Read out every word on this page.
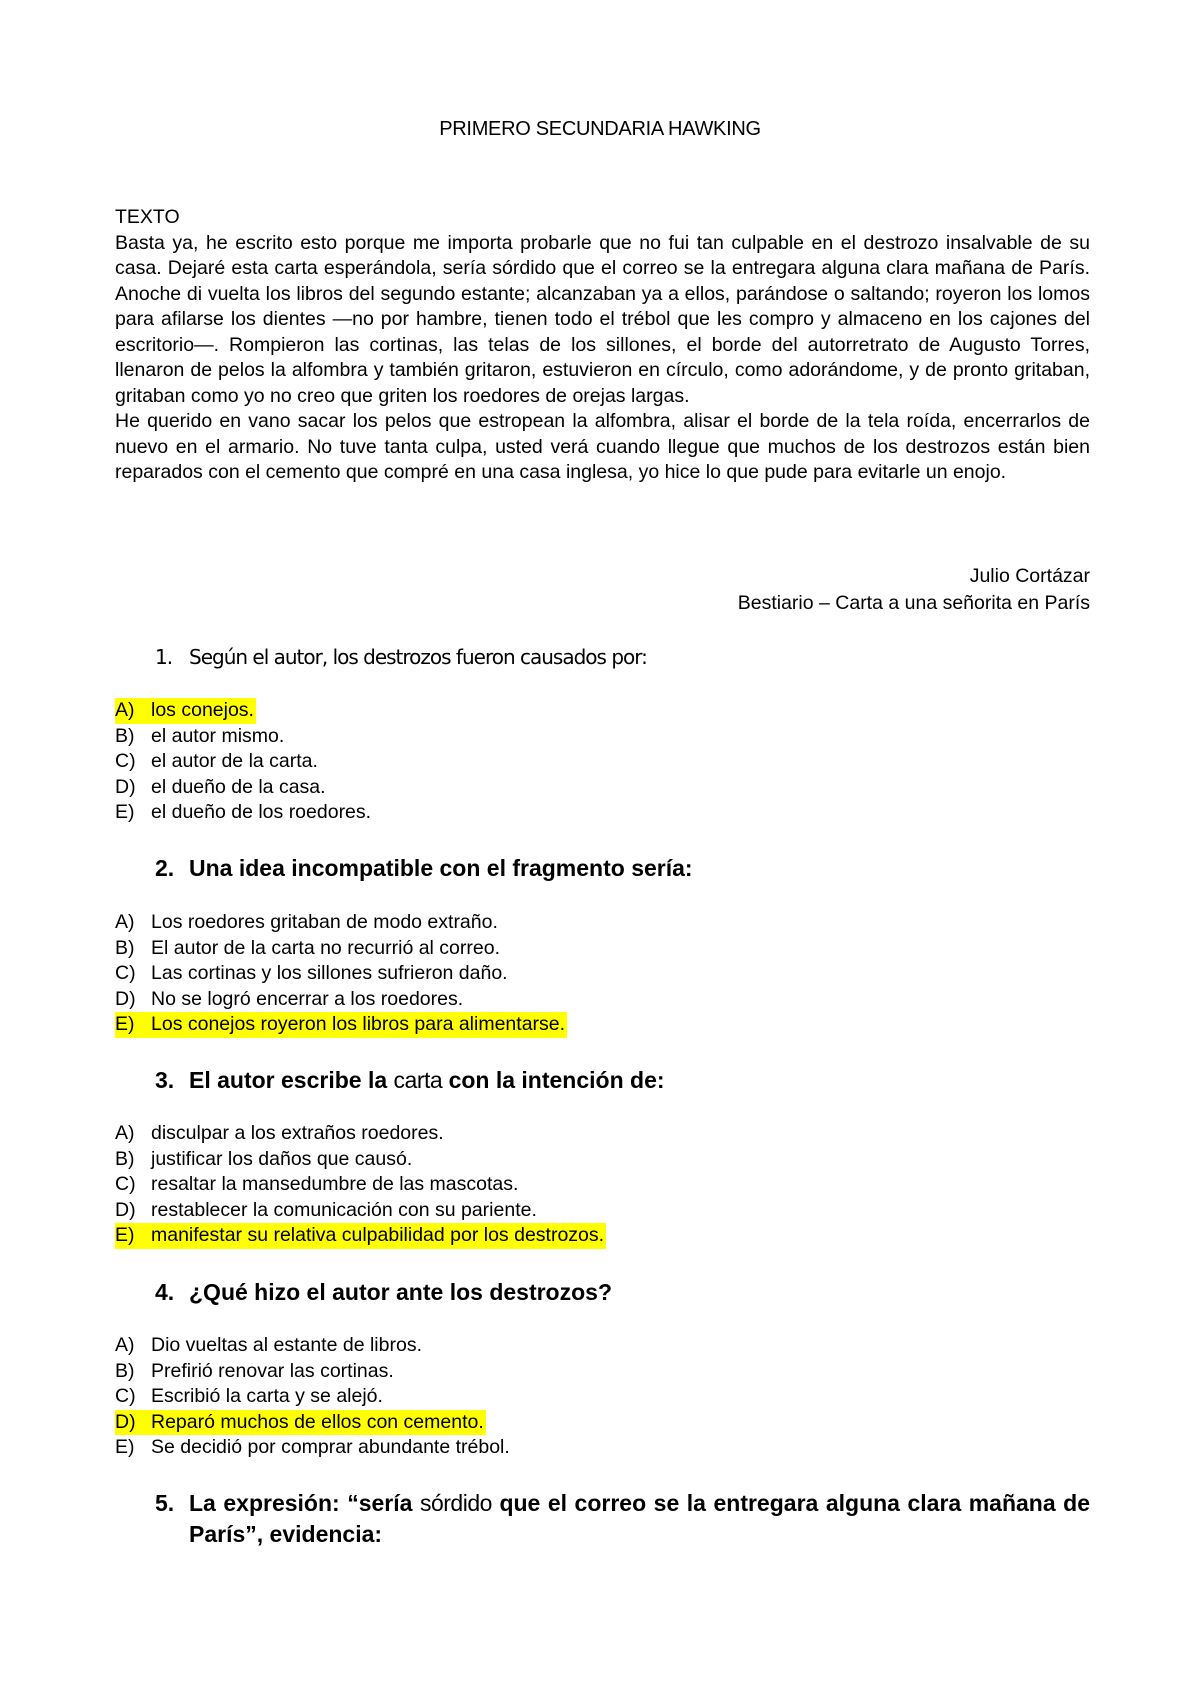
PRIMERO SECUNDARIA HAWKING
TEXTO

Basta ya, he escrito esto porque me importa probarle que no fui tan culpable en el destrozo insalvable de su casa. Dejaré esta carta esperándola, sería sórdido que el correo se la entregara alguna clara mañana de París. Anoche di vuelta los libros del segundo estante; alcanzaban ya a ellos, parándose o saltando; royeron los lomos para afilarse los dientes —no por hambre, tienen todo el trébol que les compro y almaceno en los cajones del escritorio—. Rompieron las cortinas, las telas de los sillones, el borde del autorretrato de Augusto Torres, llenaron de pelos la alfombra y también gritaron, estuvieron en círculo, como adorándome, y de pronto gritaban, gritaban como yo no creo que griten los roedores de orejas largas.

He querido en vano sacar los pelos que estropean la alfombra, alisar el borde de la tela roída, encerrarlos de nuevo en el armario. No tuve tanta culpa, usted verá cuando llegue que muchos de los destrozos están bien reparados con el cemento que compré en una casa inglesa, yo hice lo que pude para evitarle un enojo.

Julio Cortázar
Bestiario – Carta a una señorita en París
1. Según el autor, los destrozos fueron causados por:
A) los conejos.
B) el autor mismo.
C) el autor de la carta.
D) el dueño de la casa.
E) el dueño de los roedores.
2. Una idea incompatible con el fragmento sería:
A) Los roedores gritaban de modo extraño.
B) El autor de la carta no recurrió al correo.
C) Las cortinas y los sillones sufrieron daño.
D) No se logró encerrar a los roedores.
E) Los conejos royeron los libros para alimentarse.
3. El autor escribe la carta con la intención de:
A) disculpar a los extraños roedores.
B) justificar los daños que causó.
C) resaltar la mansedumbre de las mascotas.
D) restablecer la comunicación con su pariente.
E) manifestar su relativa culpabilidad por los destrozos.
4. ¿Qué hizo el autor ante los destrozos?
A) Dio vueltas al estante de libros.
B) Prefirió renovar las cortinas.
C) Escribió la carta y se alejó.
D) Reparó muchos de ellos con cemento.
E) Se decidió por comprar abundante trébol.
5. La expresión: “sería sórdido que el correo se la entregara alguna clara mañana de París”, evidencia:
